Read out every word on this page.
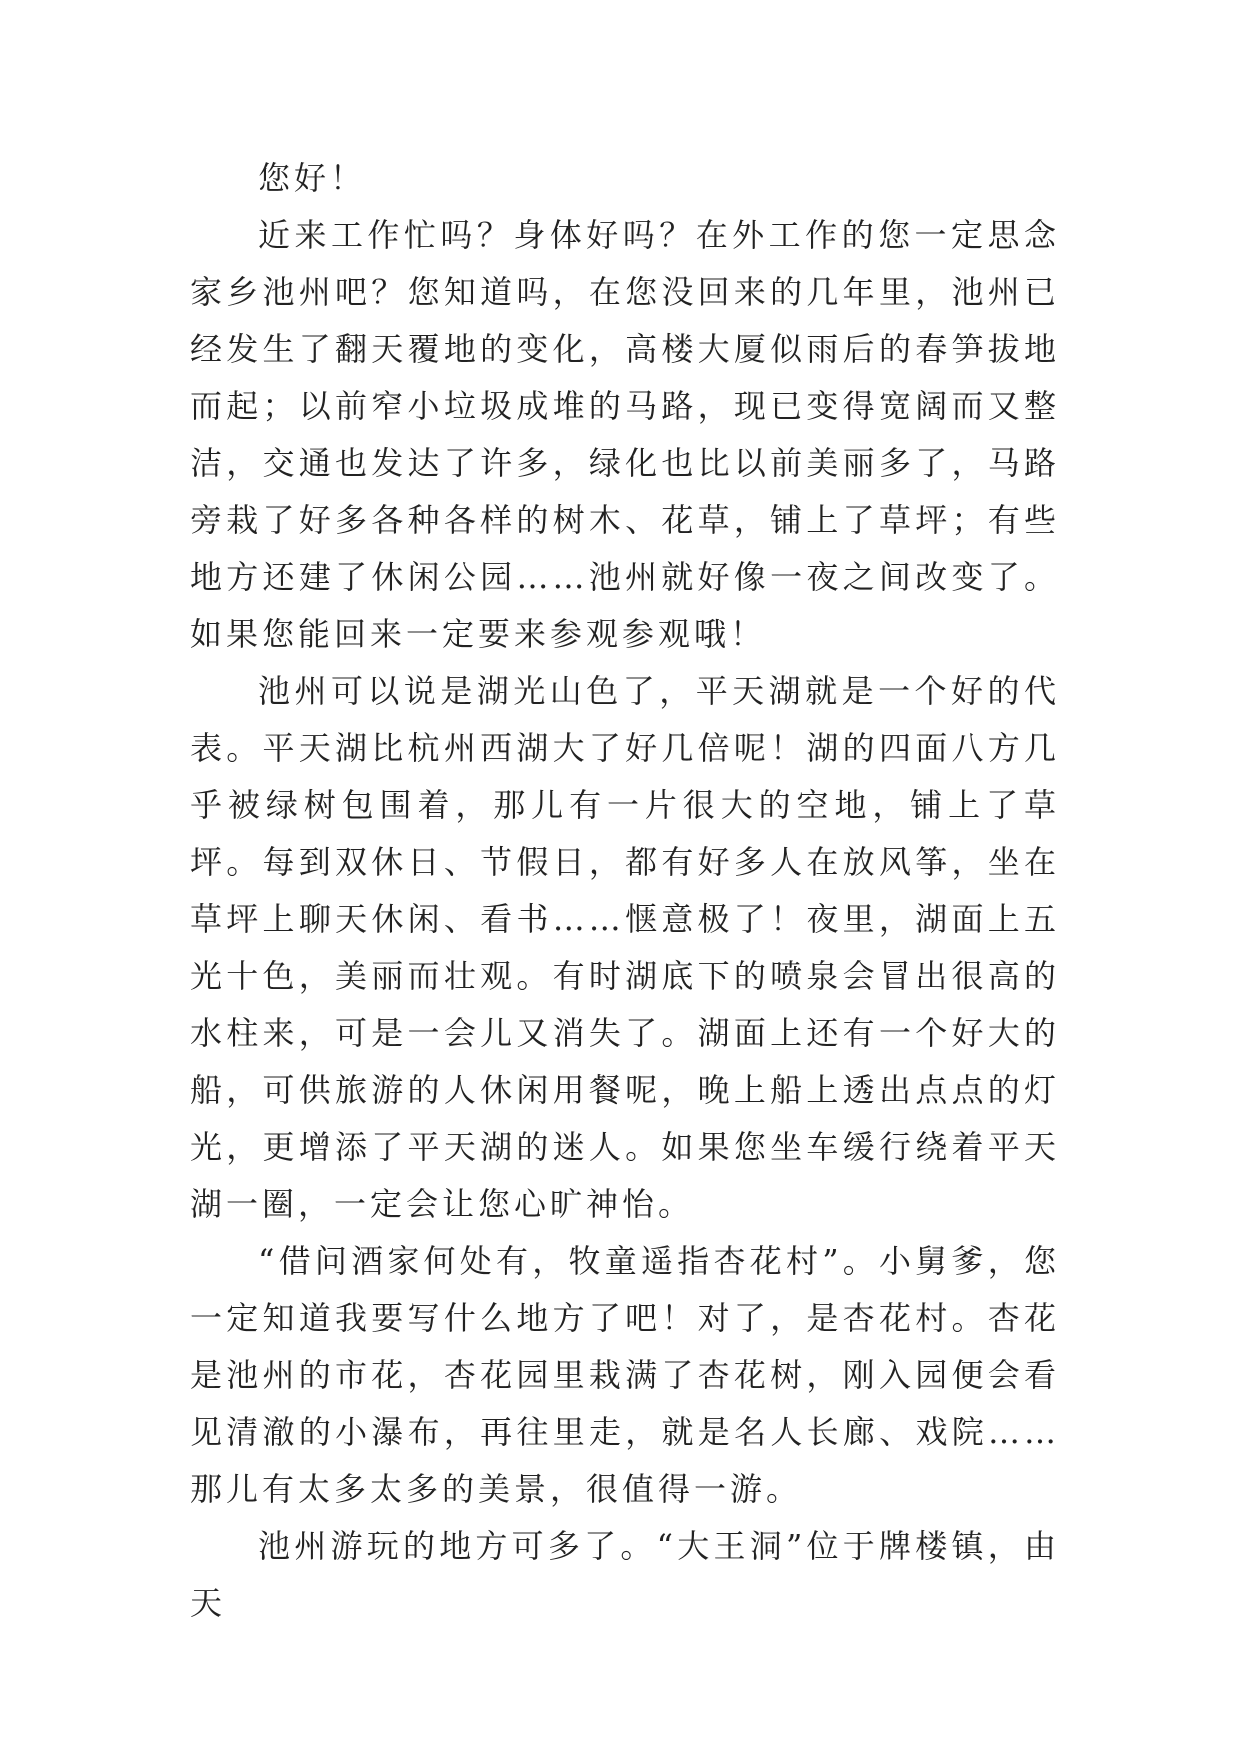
您好！

近来工作忙吗？身体好吗？在外工作的您一定思念家乡池州吧？您知道吗，在您没回来的几年里，池州已经发生了翻天覆地的变化，高楼大厦似雨后的春笋拔地而起；以前窄小垃圾成堆的马路，现已变得宽阔而又整洁，交通也发达了许多，绿化也比以前美丽多了，马路旁栽了好多各种各样的树木、花草，铺上了草坪；有些地方还建了休闲公园……池州就好像一夜之间改变了。如果您能回来一定要来参观参观哦！

池州可以说是湖光山色了，平天湖就是一个好的代表。平天湖比杭州西湖大了好几倍呢！湖的四面八方几乎被绿树包围着，那儿有一片很大的空地，铺上了草坪。每到双休日、节假日，都有好多人在放风筝，坐在草坪上聊天休闲、看书……惬意极了！夜里，湖面上五光十色，美丽而壮观。有时湖底下的喷泉会冒出很高的水柱来，可是一会儿又消失了。湖面上还有一个好大的船，可供旅游的人休闲用餐呢，晚上船上透出点点的灯光，更增添了平天湖的迷人。如果您坐车缓行绕着平天湖一圈，一定会让您心旷神怡。

“借问酒家何处有，牧童遥指杏花村”。小舅爹，您一定知道我要写什么地方了吧！对了，是杏花村。杏花是池州的市花，杏花园里栽满了杏花树，刚入园便会看见清澈的小瀑布，再往里走，就是名人长廊、戏院……那儿有太多太多的美景，很值得一游。

池州游玩的地方可多了。“大王洞”位于牌楼镇，由天
